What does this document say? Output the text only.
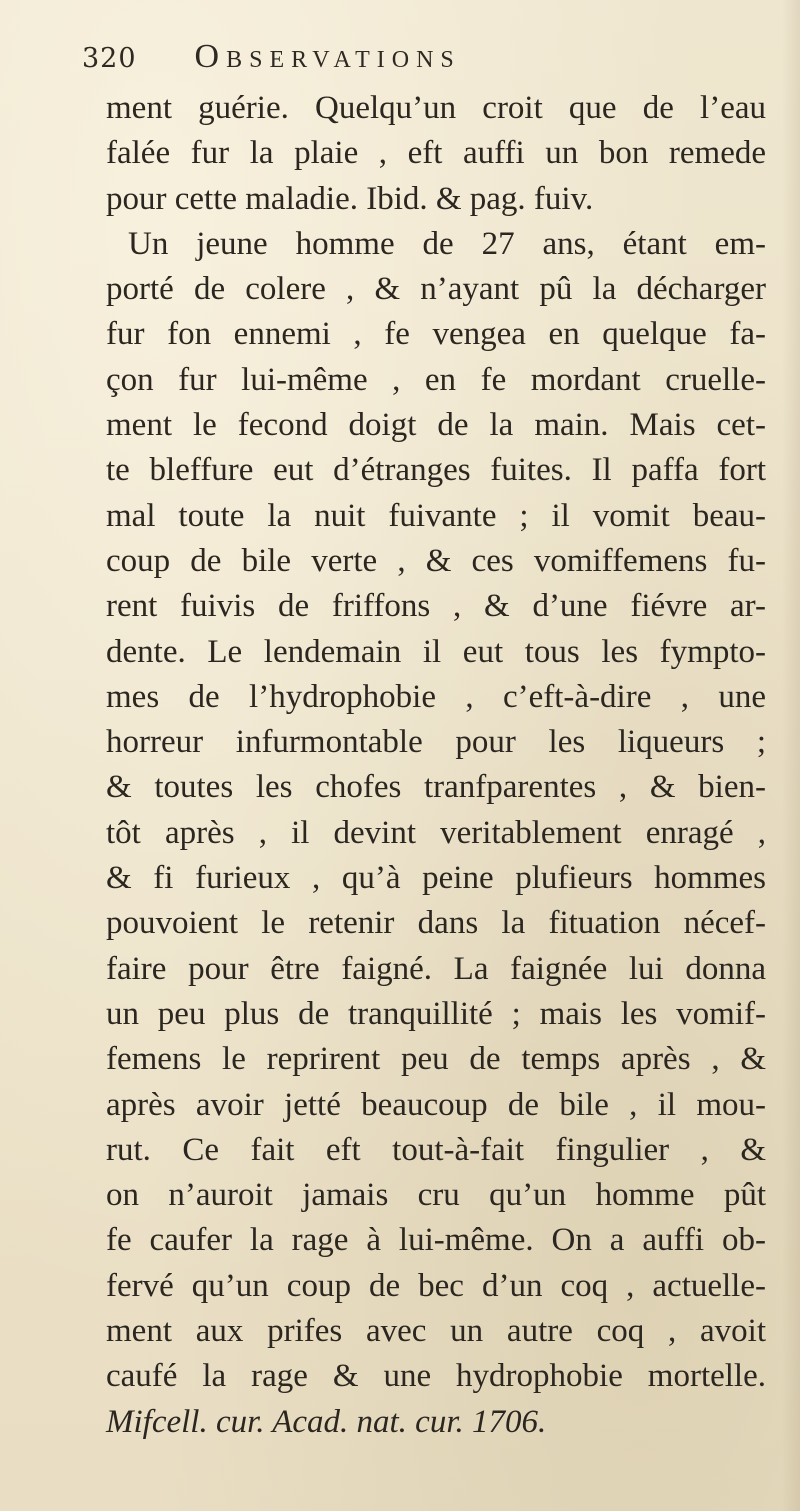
320 Observations
ment guérie. Quelqu’un croit que de l’eau
falée fur la plaie , eft auffi un bon remede
pour cette maladie. Ibid. & pag. fuiv.
Un jeune homme de 27 ans, étant em-
porté de colere , & n’ayant pû la décharger
fur fon ennemi , fe vengea en quelque fa-
çon fur lui-même , en fe mordant cruelle-
ment le fecond doigt de la main. Mais cet-
te bleffure eut d’étranges fuites. Il paffa fort
mal toute la nuit fuivante ; il vomit beau-
coup de bile verte , & ces vomiffemens fu-
rent fuivis de friffons , & d’une fiévre ar-
dente. Le lendemain il eut tous les fympto-
mes de l’hydrophobie , c’eft-à-dire , une
horreur infurmontable pour les liqueurs ;
& toutes les chofes tranfparentes , & bien-
tôt après , il devint veritablement enragé ,
& fi furieux , qu’à peine plufieurs hommes
pouvoient le retenir dans la fituation nécef-
faire pour être faigné. La faignée lui donna
un peu plus de tranquillité ; mais les vomif-
femens le reprirent peu de temps après , &
après avoir jetté beaucoup de bile , il mou-
rut. Ce fait eft tout-à-fait fingulier , &
on n’auroit jamais cru qu’un homme pût
fe caufer la rage à lui-même. On a auffi ob-
fervé qu’un coup de bec d’un coq , actuelle-
ment aux prifes avec un autre coq , avoit
caufé la rage & une hydrophobie mortelle.
Mifcell. cur. Acad. nat. cur. 1706.
